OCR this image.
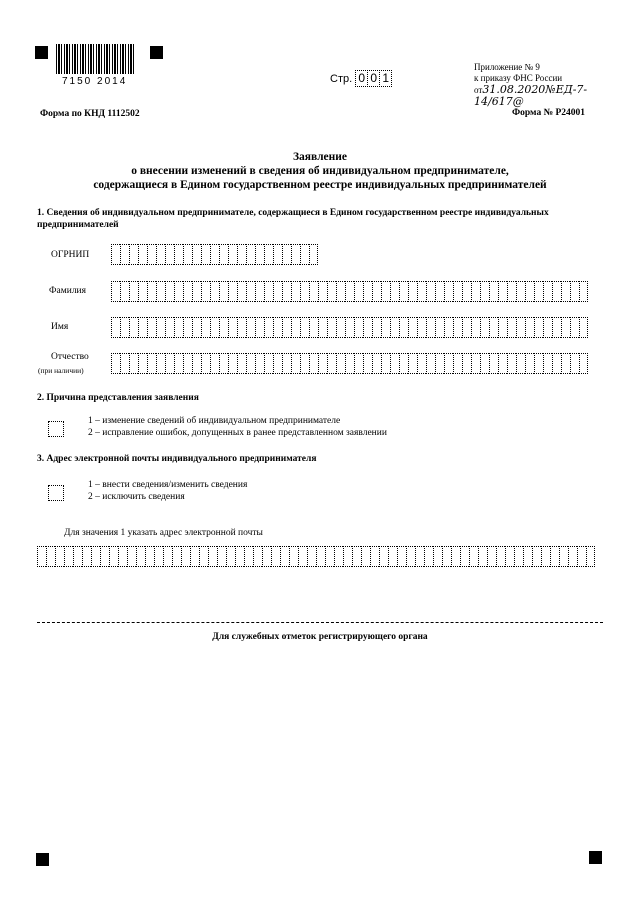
7150 2014	Стр. 0 0 1
Приложение № 9
к приказу ФНС России
от31.08.2020№ЕД-7-14/617@
Форма по КНД 1112502	Форма № Р24001
Заявление
о внесении изменений в сведения об индивидуальном предпринимателе,
содержащиеся в Едином государственном реестре индивидуальных предпринимателей
1. Сведения об индивидуальном предпринимателе, содержащиеся в Едином государственном реестре индивидуальных предпринимателей
ОГРНИП
Фамилия
Имя
Отчество
(при наличии)
2. Причина представления заявления
1 – изменение сведений об индивидуальном предпринимателе
2 – исправление ошибок, допущенных в ранее представленном заявлении
3. Адрес электронной почты индивидуального предпринимателя
1 – внести сведения/изменить сведения
2 – исключить сведения
Для значения 1 указать адрес электронной почты
Для служебных отметок регистрирующего органа
